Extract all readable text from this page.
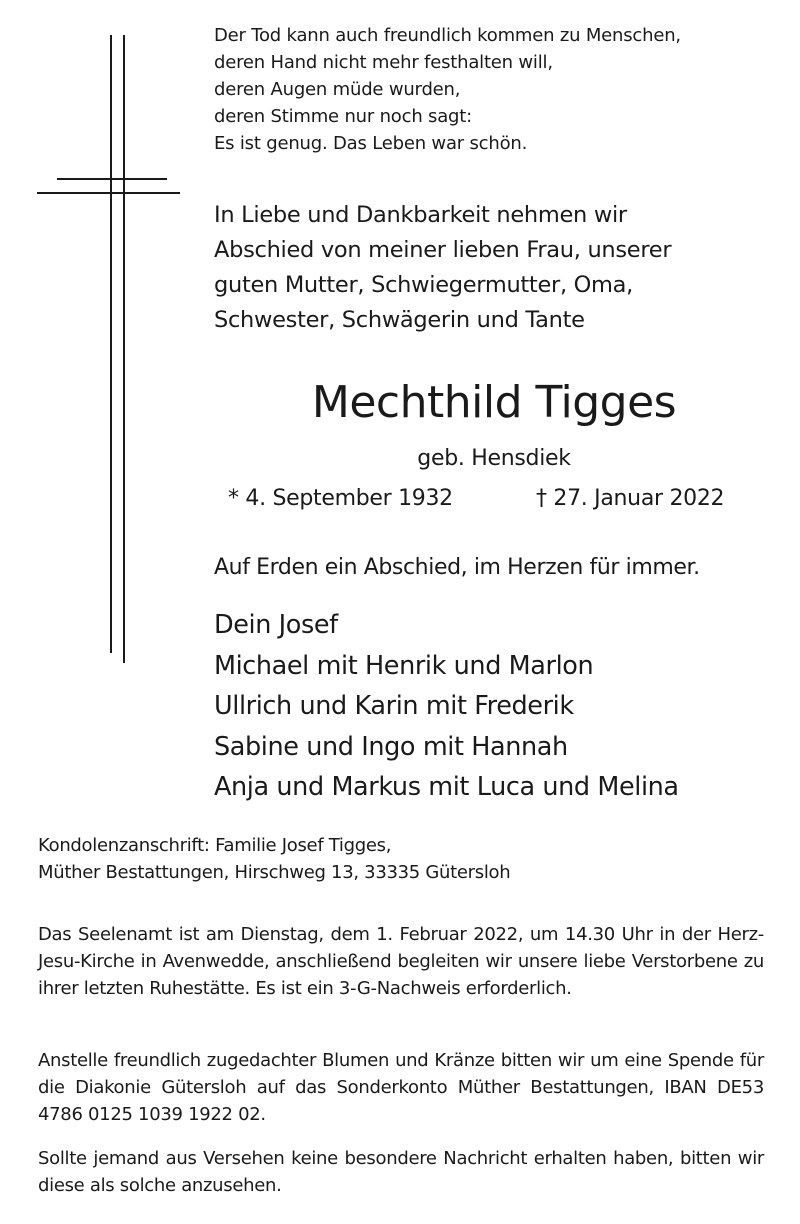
Der Tod kann auch freundlich kommen zu Menschen,
deren Hand nicht mehr festhalten will,
deren Augen müde wurden,
deren Stimme nur noch sagt:
Es ist genug. Das Leben war schön.
In Liebe und Dankbarkeit nehmen wir
Abschied von meiner lieben Frau, unserer
guten Mutter, Schwiegermutter, Oma,
Schwester, Schwägerin und Tante
Mechthild Tigges
geb. Hensdiek
* 4. September 1932	† 27. Januar 2022
Auf Erden ein Abschied, im Herzen für immer.
Dein Josef
Michael mit Henrik und Marlon
Ullrich und Karin mit Frederik
Sabine und Ingo mit Hannah
Anja und Markus mit Luca und Melina
Kondolenzanschrift: Familie Josef Tigges,
Müther Bestattungen, Hirschweg 13, 33335 Gütersloh
Das Seelenamt ist am Dienstag, dem 1. Februar 2022, um 14.30 Uhr in der Herz-Jesu-Kirche in Avenwedde, anschließend begleiten wir unsere liebe Verstorbene zu ihrer letzten Ruhestätte. Es ist ein 3-G-Nachweis erforderlich.
Anstelle freundlich zugedachter Blumen und Kränze bitten wir um eine Spende für die Diakonie Gütersloh auf das Sonderkonto Müther Bestattungen, IBAN DE53 4786 0125 1039 1922 02.
Sollte jemand aus Versehen keine besondere Nachricht erhalten haben, bitten wir diese als solche anzusehen.
